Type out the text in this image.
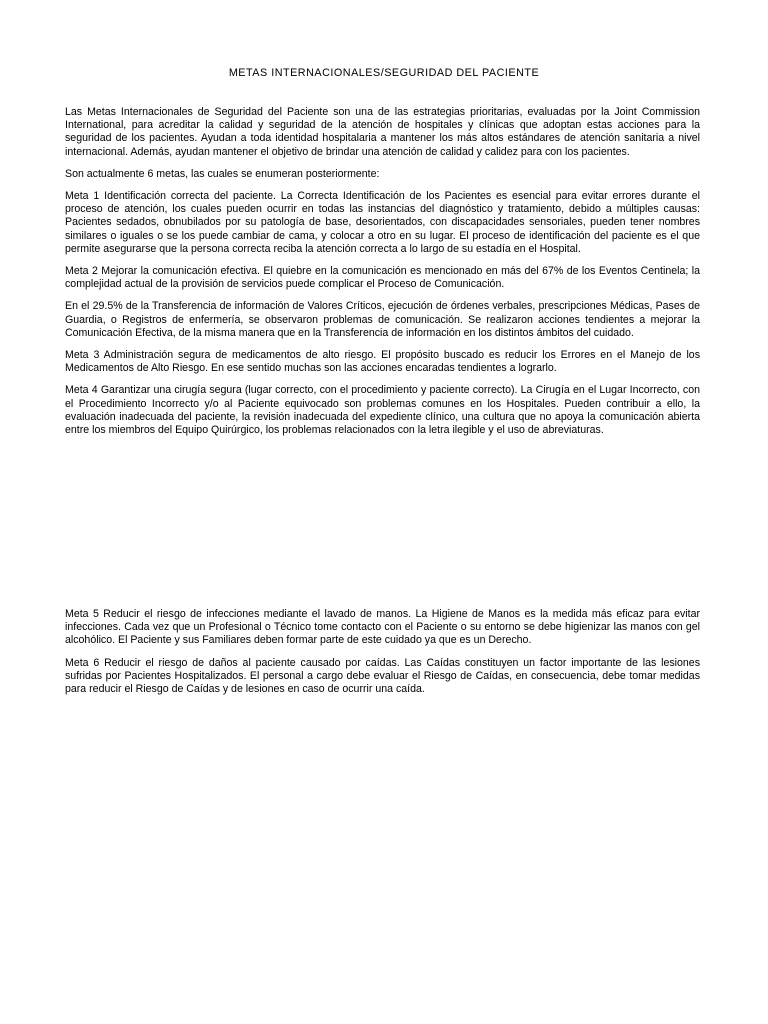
METAS INTERNACIONALES/SEGURIDAD DEL PACIENTE

Las Metas Internacionales de Seguridad del Paciente son una de las estrategias prioritarias, evaluadas por la Joint Commission International, para acreditar la calidad y seguridad de la atención de hospitales y clínicas que adoptan estas acciones para la seguridad de los pacientes. Ayudan a toda identidad hospitalaria a mantener los más altos estándares de atención sanitaria a nivel internacional. Además, ayudan mantener el objetivo de brindar una atención de calidad y calidez para con los pacientes.

Son actualmente 6 metas, las cuales se enumeran posteriormente:

Meta 1 Identificación correcta del paciente. La Correcta Identificación de los Pacientes es esencial para evitar errores durante el proceso de atención, los cuales pueden ocurrir en todas las instancias del diagnóstico y tratamiento, debido a múltiples causas: Pacientes sedados, obnubilados por su patología de base, desorientados, con discapacidades sensoriales, pueden tener nombres similares o iguales o se los puede cambiar de cama, y colocar a otro en su lugar. El proceso de identificación del paciente es el que permite asegurarse que la persona correcta reciba la atención correcta a lo largo de su estadía en el Hospital.

Meta 2 Mejorar la comunicación efectiva. El quiebre en la comunicación es mencionado en más del 67% de los Eventos Centinela; la complejidad actual de la provisión de servicios puede complicar el Proceso de Comunicación.

En el 29.5% de la Transferencia de información de Valores Críticos, ejecución de órdenes verbales, prescripciones Médicas, Pases de Guardia, o Registros de enfermería, se observaron problemas de comunicación. Se realizaron acciones tendientes a mejorar la Comunicación Efectiva, de la misma manera que en la Transferencia de información en los distintos ámbitos del cuidado.

Meta 3 Administración segura de medicamentos de alto riesgo. El propósito buscado es reducir los Errores en el Manejo de los Medicamentos de Alto Riesgo. En ese sentido muchas son las acciones encaradas tendientes a lograrlo.

Meta 4 Garantizar una cirugía segura (lugar correcto, con el procedimiento y paciente correcto). La Cirugía en el Lugar Incorrecto, con el Procedimiento Incorrecto y/o al Paciente equivocado son problemas comunes en los Hospitales. Pueden contribuir a ello, la evaluación inadecuada del paciente, la revisión inadecuada del expediente clínico, una cultura que no apoya la comunicación abierta entre los miembros del Equipo Quirúrgico, los problemas relacionados con la letra ilegible y el uso de abreviaturas.

Meta 5 Reducir el riesgo de infecciones mediante el lavado de manos. La Higiene de Manos es la medida más eficaz para evitar infecciones. Cada vez que un Profesional o Técnico tome contacto con el Paciente o su entorno se debe higienizar las manos con gel alcohólico. El Paciente y sus Familiares deben formar parte de este cuidado ya que es un Derecho.

Meta 6 Reducir el riesgo de daños al paciente causado por caídas. Las Caídas constituyen un factor importante de las lesiones sufridas por Pacientes Hospitalizados. El personal a cargo debe evaluar el Riesgo de Caídas, en consecuencia, debe tomar medidas para reducir el Riesgo de Caídas y de lesiones en caso de ocurrir una caída.
